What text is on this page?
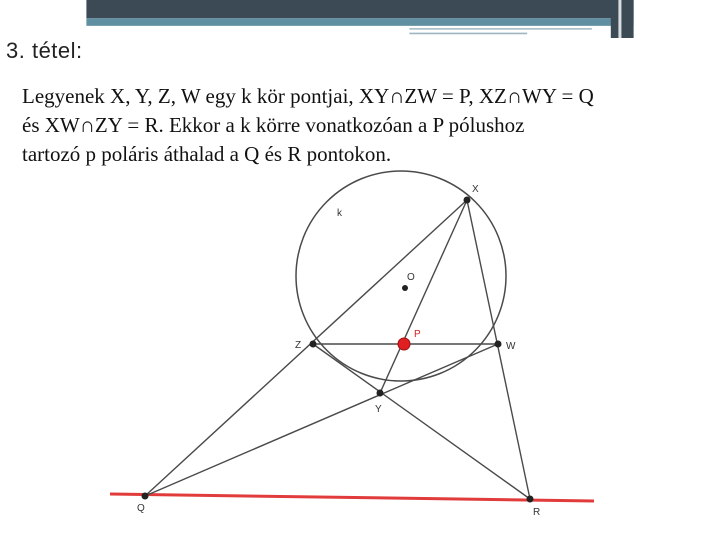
3. tétel:

Legyenek X, Y, Z, W egy k kör pontjai, XY∩ZW = P, XZ∩WY = Q

és XW∩ZY = R. Ekkor a k körre vonatkozóan a P pólushoz

tartozó p poláris áthalad a Q és R pontokon.

X
Y
Z	W
O
P
Q	R
k
